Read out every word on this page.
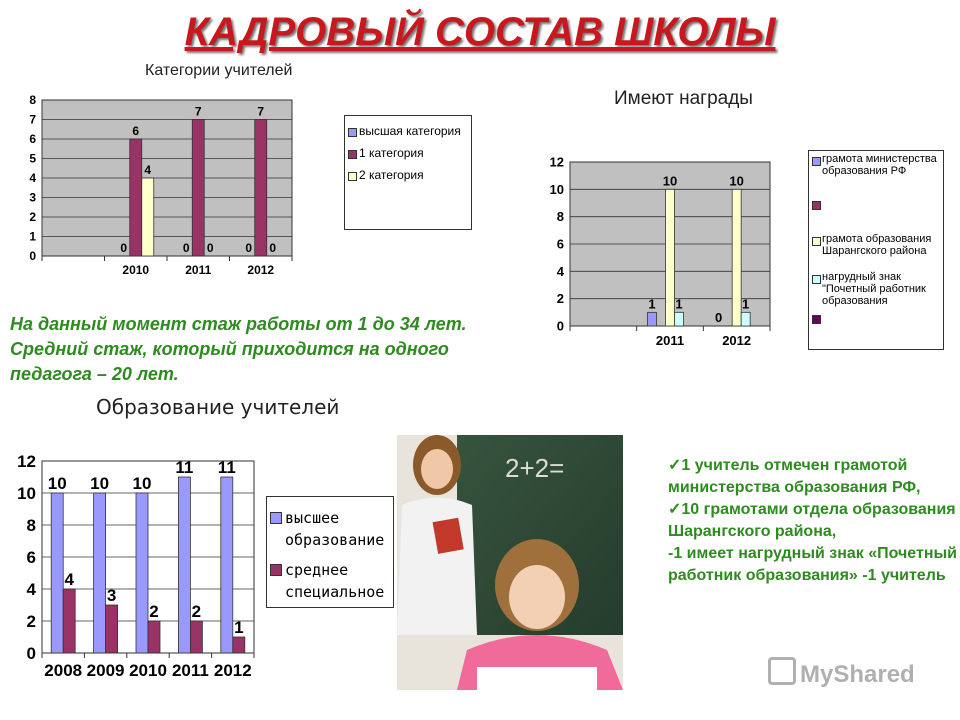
КАДРОВЫЙ СОСТАВ ШКОЛЫ
Категории учителей
0
1
2
3
4
5
6
7
8
0
6
4
2010
0
7
0
2011
0
7
0
2012
высшая категория
1 категория
2 категория
Имеют награды
0
2
4
6
8
10
12
1
10
1
2011
0
10
1
2012
грамота министерства образования РФ
грамота образования Шарангского района
нагрудный знак "Почетный работник образования
На данный момент стаж работы от 1 до 34 лет. Средний стаж, который приходится на одного педагога – 20 лет.
Образование учителей
0
2
4
6
8
10
12
10
4
2008
10
3
2009
10
2
2010
11
2
2011
11
1
2012
высшее образование
среднее специальное
2+2=	✓1 учитель отмечен грамотой министерства образования РФ,
✓10 грамотами отдела образования Шарангского района,
-1 имеет нагрудный знак «Почетный работник образования» -1 учитель
MyShared
